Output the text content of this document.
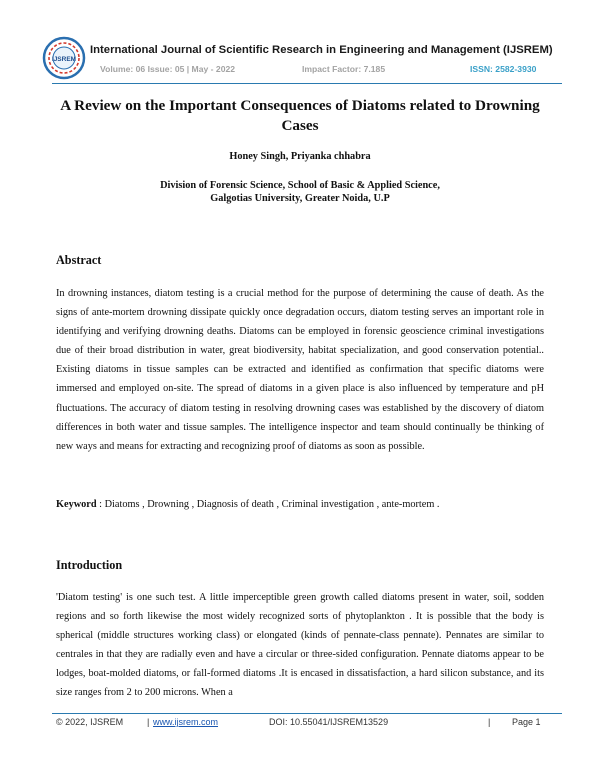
IJSREM
International Journal of Scientific Research in Engineering and Management (IJSREM)
Volume: 06 Issue: 05 | May - 2022	Impact Factor: 7.185	ISSN: 2582-3930
A Review on the Important Consequences of Diatoms related to Drowning Cases
Honey Singh, Priyanka chhabra
Division of Forensic Science, School of Basic & Applied Science,
Galgotias University, Greater Noida, U.P
Abstract
In drowning instances, diatom testing is a crucial method for the purpose of determining the cause of death. As the signs of ante-mortem drowning dissipate quickly once degradation occurs, diatom testing serves an important role in identifying and verifying drowning deaths. Diatoms can be employed in forensic geoscience criminal investigations due of their broad distribution in water, great biodiversity, habitat specialization, and good conservation potential.. Existing diatoms in tissue samples can be extracted and identified as confirmation that specific diatoms were immersed and employed on-site. The spread of diatoms in a given place is also influenced by temperature and pH fluctuations. The accuracy of diatom testing in resolving drowning cases was established by the discovery of diatom differences in both water and tissue samples. The intelligence inspector and team should continually be thinking of new ways and means for extracting and recognizing proof of diatoms as soon as possible.
Keyword : Diatoms , Drowning , Diagnosis of death , Criminal investigation , ante-mortem .
Introduction
'Diatom testing' is one such test. A little imperceptible green growth called diatoms present in water, soil, sodden regions and so forth likewise the most widely recognized sorts of phytoplankton . It is possible that the body is spherical (middle structures working class) or elongated (kinds of pennate-class pennate). Pennates are similar to centrales in that they are radially even and have a circular or three-sided configuration. Pennate diatoms appear to be lodges, boat-molded diatoms, or fall-formed diatoms .It is encased in dissatisfaction, a hard silicon substance, and its size ranges from 2 to 200 microns. When a
© 2022, IJSREM	| www.ijsrem.com	DOI: 10.55041/IJSREM13529	| Page 1
